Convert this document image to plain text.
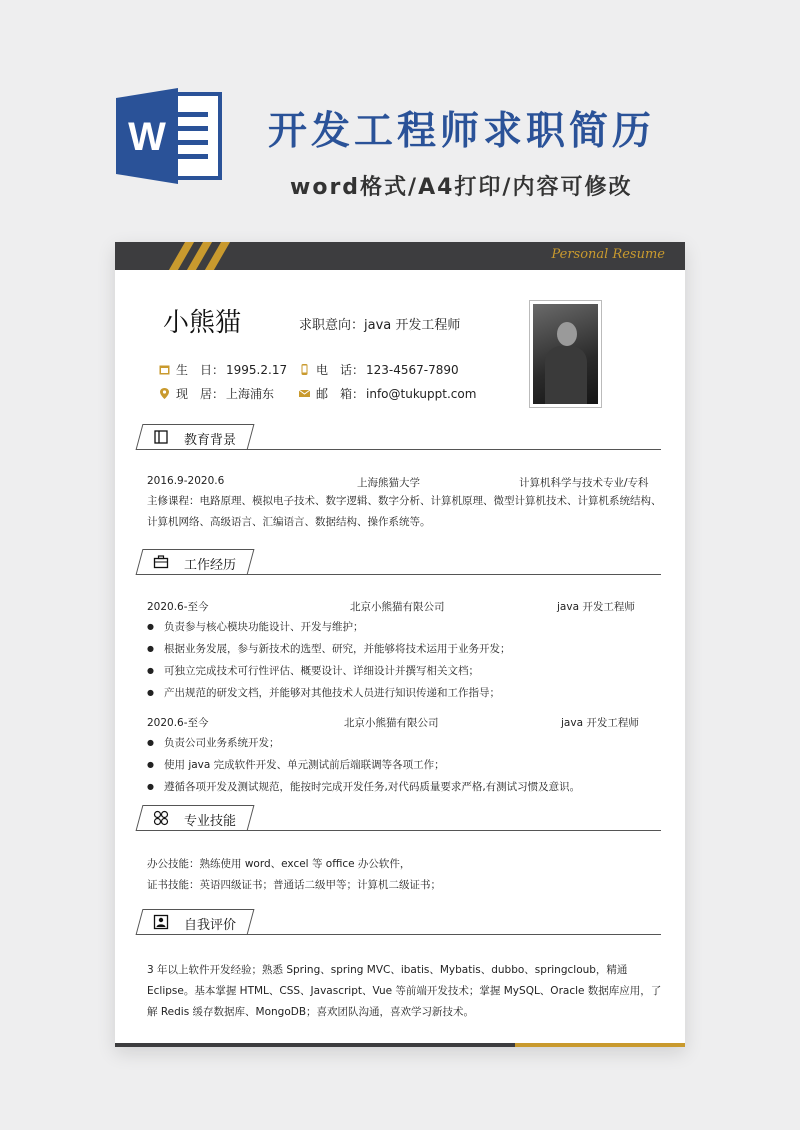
W	开发工程师求职简历
word格式/A4打印/内容可修改
Personal Resume
小熊猫	求职意向：java 开发工程师
生　日： 1995.2.17 电　话： 123-4567-7890
现　居： 上海浦东	邮　箱： info@tukuppt.com
教育背景
2016.9-2020.6	上海熊猫大学	计算机科学与技术专业/专科
主修课程：电路原理、模拟电子技术、数字逻辑、数字分析、计算机原理、微型计算机技术、计算机系统结构、计算机网络、高级语言、汇编语言、数据结构、操作系统等。
工作经历
2020.6-至今	北京小熊猫有限公司	java 开发工程师
● 负责参与核心模块功能设计、开发与维护；
● 根据业务发展，参与新技术的选型、研究，并能够将技术运用于业务开发；
● 可独立完成技术可行性评估、概要设计、详细设计并撰写相关文档；
● 产出规范的研发文档，并能够对其他技术人员进行知识传递和工作指导；
2020.6-至今	北京小熊猫有限公司	java 开发工程师
● 负责公司业务系统开发；
● 使用 java 完成软件开发、单元测试前后端联调等各项工作；
● 遵循各项开发及测试规范，能按时完成开发任务,对代码质量要求严格,有测试习惯及意识。
专业技能
办公技能：熟练使用 word、excel 等 office 办公软件，
证书技能：英语四级证书；普通话二级甲等；计算机二级证书；
自我评价
3 年以上软件开发经验；熟悉 Spring、spring MVC、ibatis、Mybatis、dubbo、springcloub，精通 Eclipse。基本掌握 HTML、CSS、Javascript、Vue 等前端开发技术；掌握 MySQL、Oracle 数据库应用，了解 Redis 缓存数据库、MongoDB；喜欢团队沟通，喜欢学习新技术。
